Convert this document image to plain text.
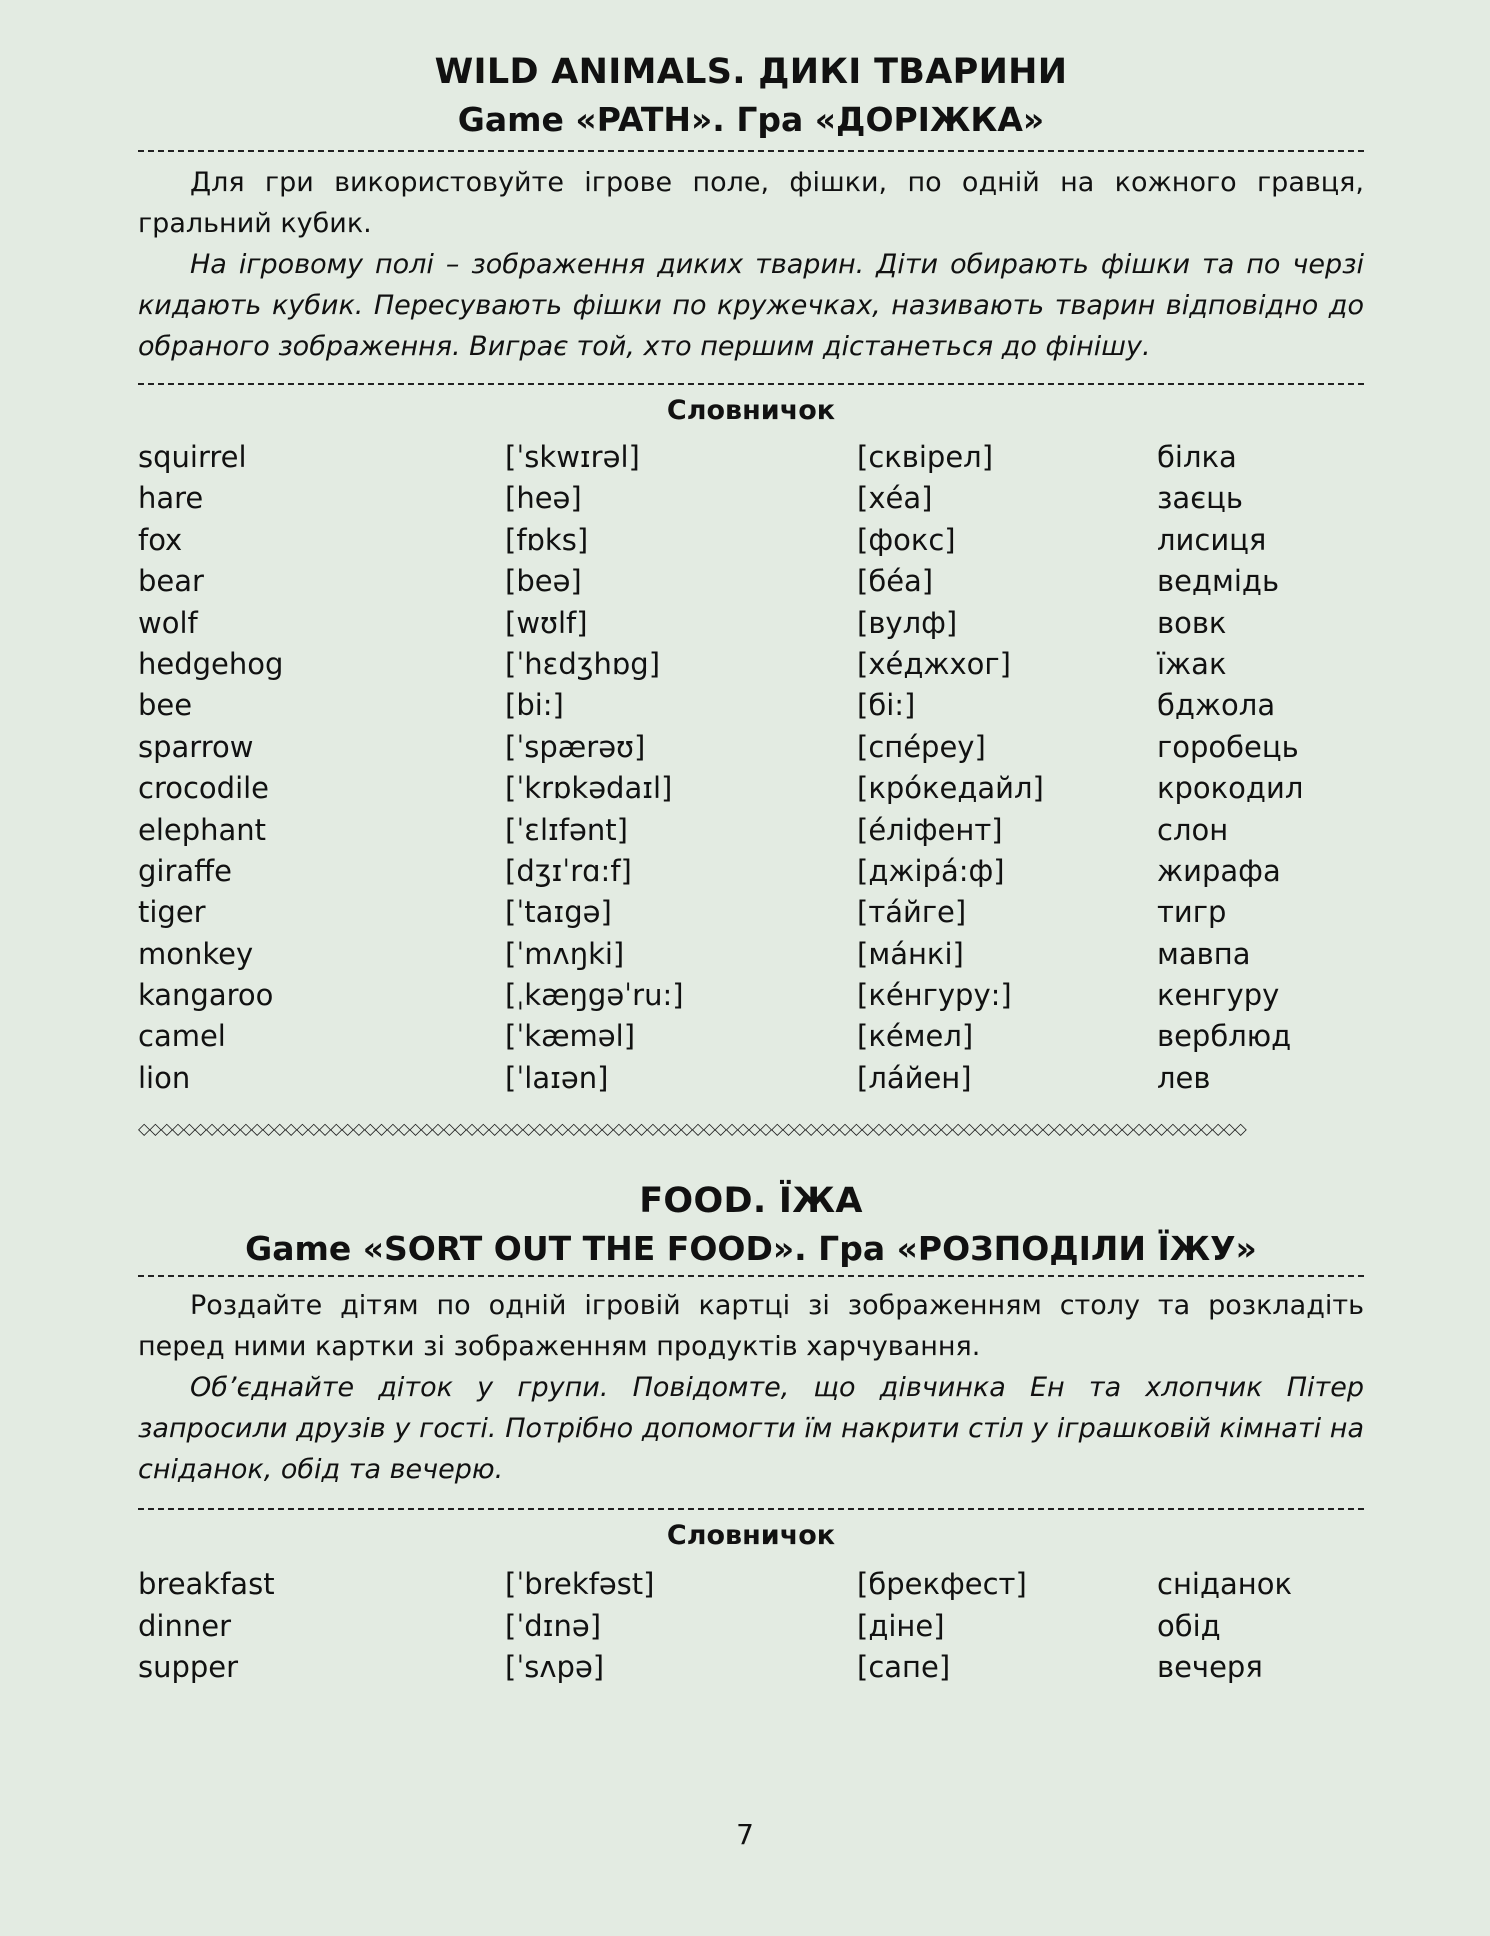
WILD ANIMALS. ДИКІ ТВАРИНИ
Game «PATH». Гра «ДОРІЖКА»

Для гри використовуйте ігрове поле, фішки, по одній на кожного гравця, гральний кубик.

На ігровому полі – зображення диких тварин. Діти обирають фішки та по черзі кидають кубик. Пересувають фішки по кружечках, називають тварин відповідно до обраного зображення. Виграє той, хто першим дістанеться до фінішу.

Словничок
squirrel	[ˈskwɪrəl]	[сквірел]	білка
hare	[heə]	[хéа]	заєць
fox	[fɒks]	[фокс]	лисиця
bear	[beə]	[бéа]	ведмідь
wolf	[wʊlf]	[вулф]	вовк
hedgehog	[ˈhɛdʒhɒg]	[хéджхог]	їжак
bee	[bi:]	[бі:]	бджола
sparrow	[ˈspærəʊ]	[спéреу]	горобець
crocodile	[ˈkrɒkədaɪl]	[крóкедайл]	крокодил
elephant	[ˈɛlɪfənt]	[éліфент]	слон
giraffe	[dʒɪˈrɑ:f]	[джірá:ф]	жирафа
tiger	[ˈtaɪgə]	[тáйге]	тигр
monkey	[ˈmʌŋki]	[мáнкі]	мавпа
kangaroo	[ˌkæŋgəˈru:]	[кéнгуру:]	кенгуру
camel	[ˈkæməl]	[кéмел]	верблюд
lion	[ˈlaɪən]	[лáйен]	лев
◇◇◇◇◇◇◇◇◇◇◇◇◇◇◇◇◇◇◇◇◇◇◇◇◇◇◇◇◇◇◇◇◇◇◇◇◇◇◇◇◇◇◇◇◇◇◇◇◇◇◇◇◇◇◇◇◇◇◇◇◇◇◇◇◇◇◇◇◇◇◇◇◇◇◇◇◇◇◇◇◇◇◇◇◇◇◇◇◇◇◇◇◇◇◇◇◇◇
FOOD. ЇЖА
Game «SORT OUT THE FOOD». Гра «РОЗПОДІЛИ ЇЖУ»

Роздайте дітям по одній ігровій картці зі зображенням столу та розкладіть перед ними картки зі зображенням продуктів харчування.

Об’єднайте діток у групи. Повідомте, що дівчинка Ен та хлопчик Пітер запросили друзів у гості. Потрібно допомогти їм накрити стіл у іграшковій кімнаті на сніданок, обід та вечерю.

Словничок
breakfast	[ˈbrekfəst]	[брекфест]	сніданок
dinner	[ˈdɪnə]	[діне]	обід
supper	[ˈsʌpə]	[сапе]	вечеря
7
